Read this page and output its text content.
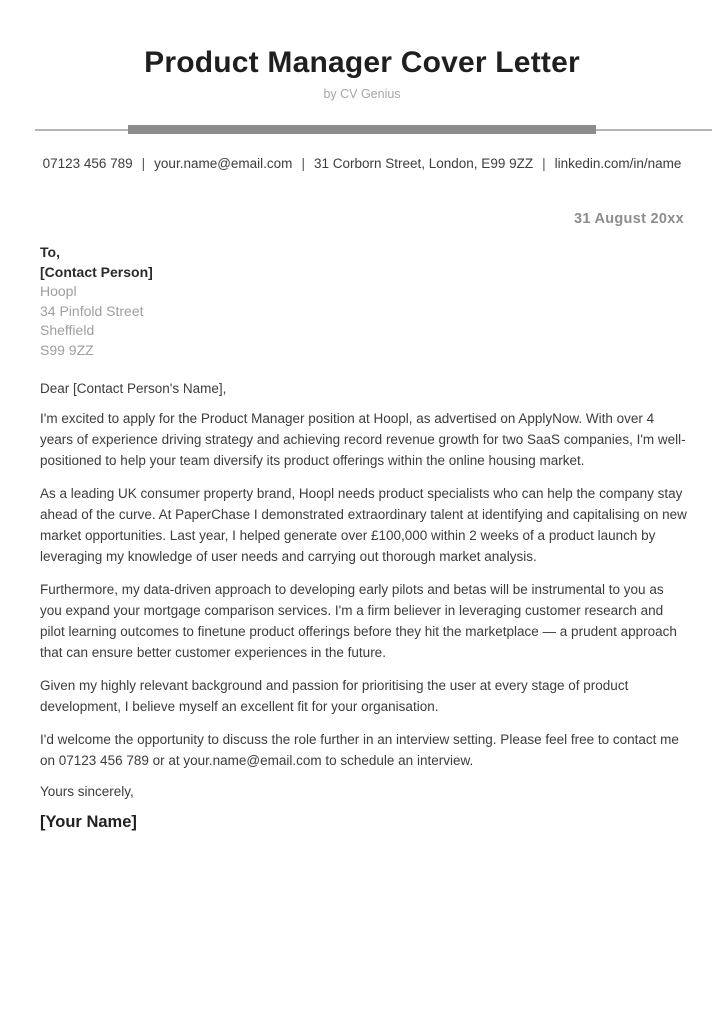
Product Manager Cover Letter
by CV Genius
07123 456 789 | your.name@email.com | 31 Corborn Street, London, E99 9ZZ | linkedin.com/in/name
31 August 20xx
To,
[Contact Person]
Hoopl
34 Pinfold Street
Sheffield
S99 9ZZ
Dear [Contact Person's Name],

I'm excited to apply for the Product Manager position at Hoopl, as advertised on ApplyNow. With over 4 years of experience driving strategy and achieving record revenue growth for two SaaS companies, I'm well-positioned to help your team diversify its product offerings within the online housing market.

As a leading UK consumer property brand, Hoopl needs product specialists who can help the company stay ahead of the curve. At PaperChase I demonstrated extraordinary talent at identifying and capitalising on new market opportunities. Last year, I helped generate over £100,000 within 2 weeks of a product launch by leveraging my knowledge of user needs and carrying out thorough market analysis.

Furthermore, my data-driven approach to developing early pilots and betas will be instrumental to you as you expand your mortgage comparison services. I'm a firm believer in leveraging customer research and pilot learning outcomes to finetune product offerings before they hit the marketplace — a prudent approach that can ensure better customer experiences in the future.

Given my highly relevant background and passion for prioritising the user at every stage of product development, I believe myself an excellent fit for your organisation.

I'd welcome the opportunity to discuss the role further in an interview setting. Please feel free to contact me on 07123 456 789 or at your.name@email.com to schedule an interview.

Yours sincerely,
[Your Name]
